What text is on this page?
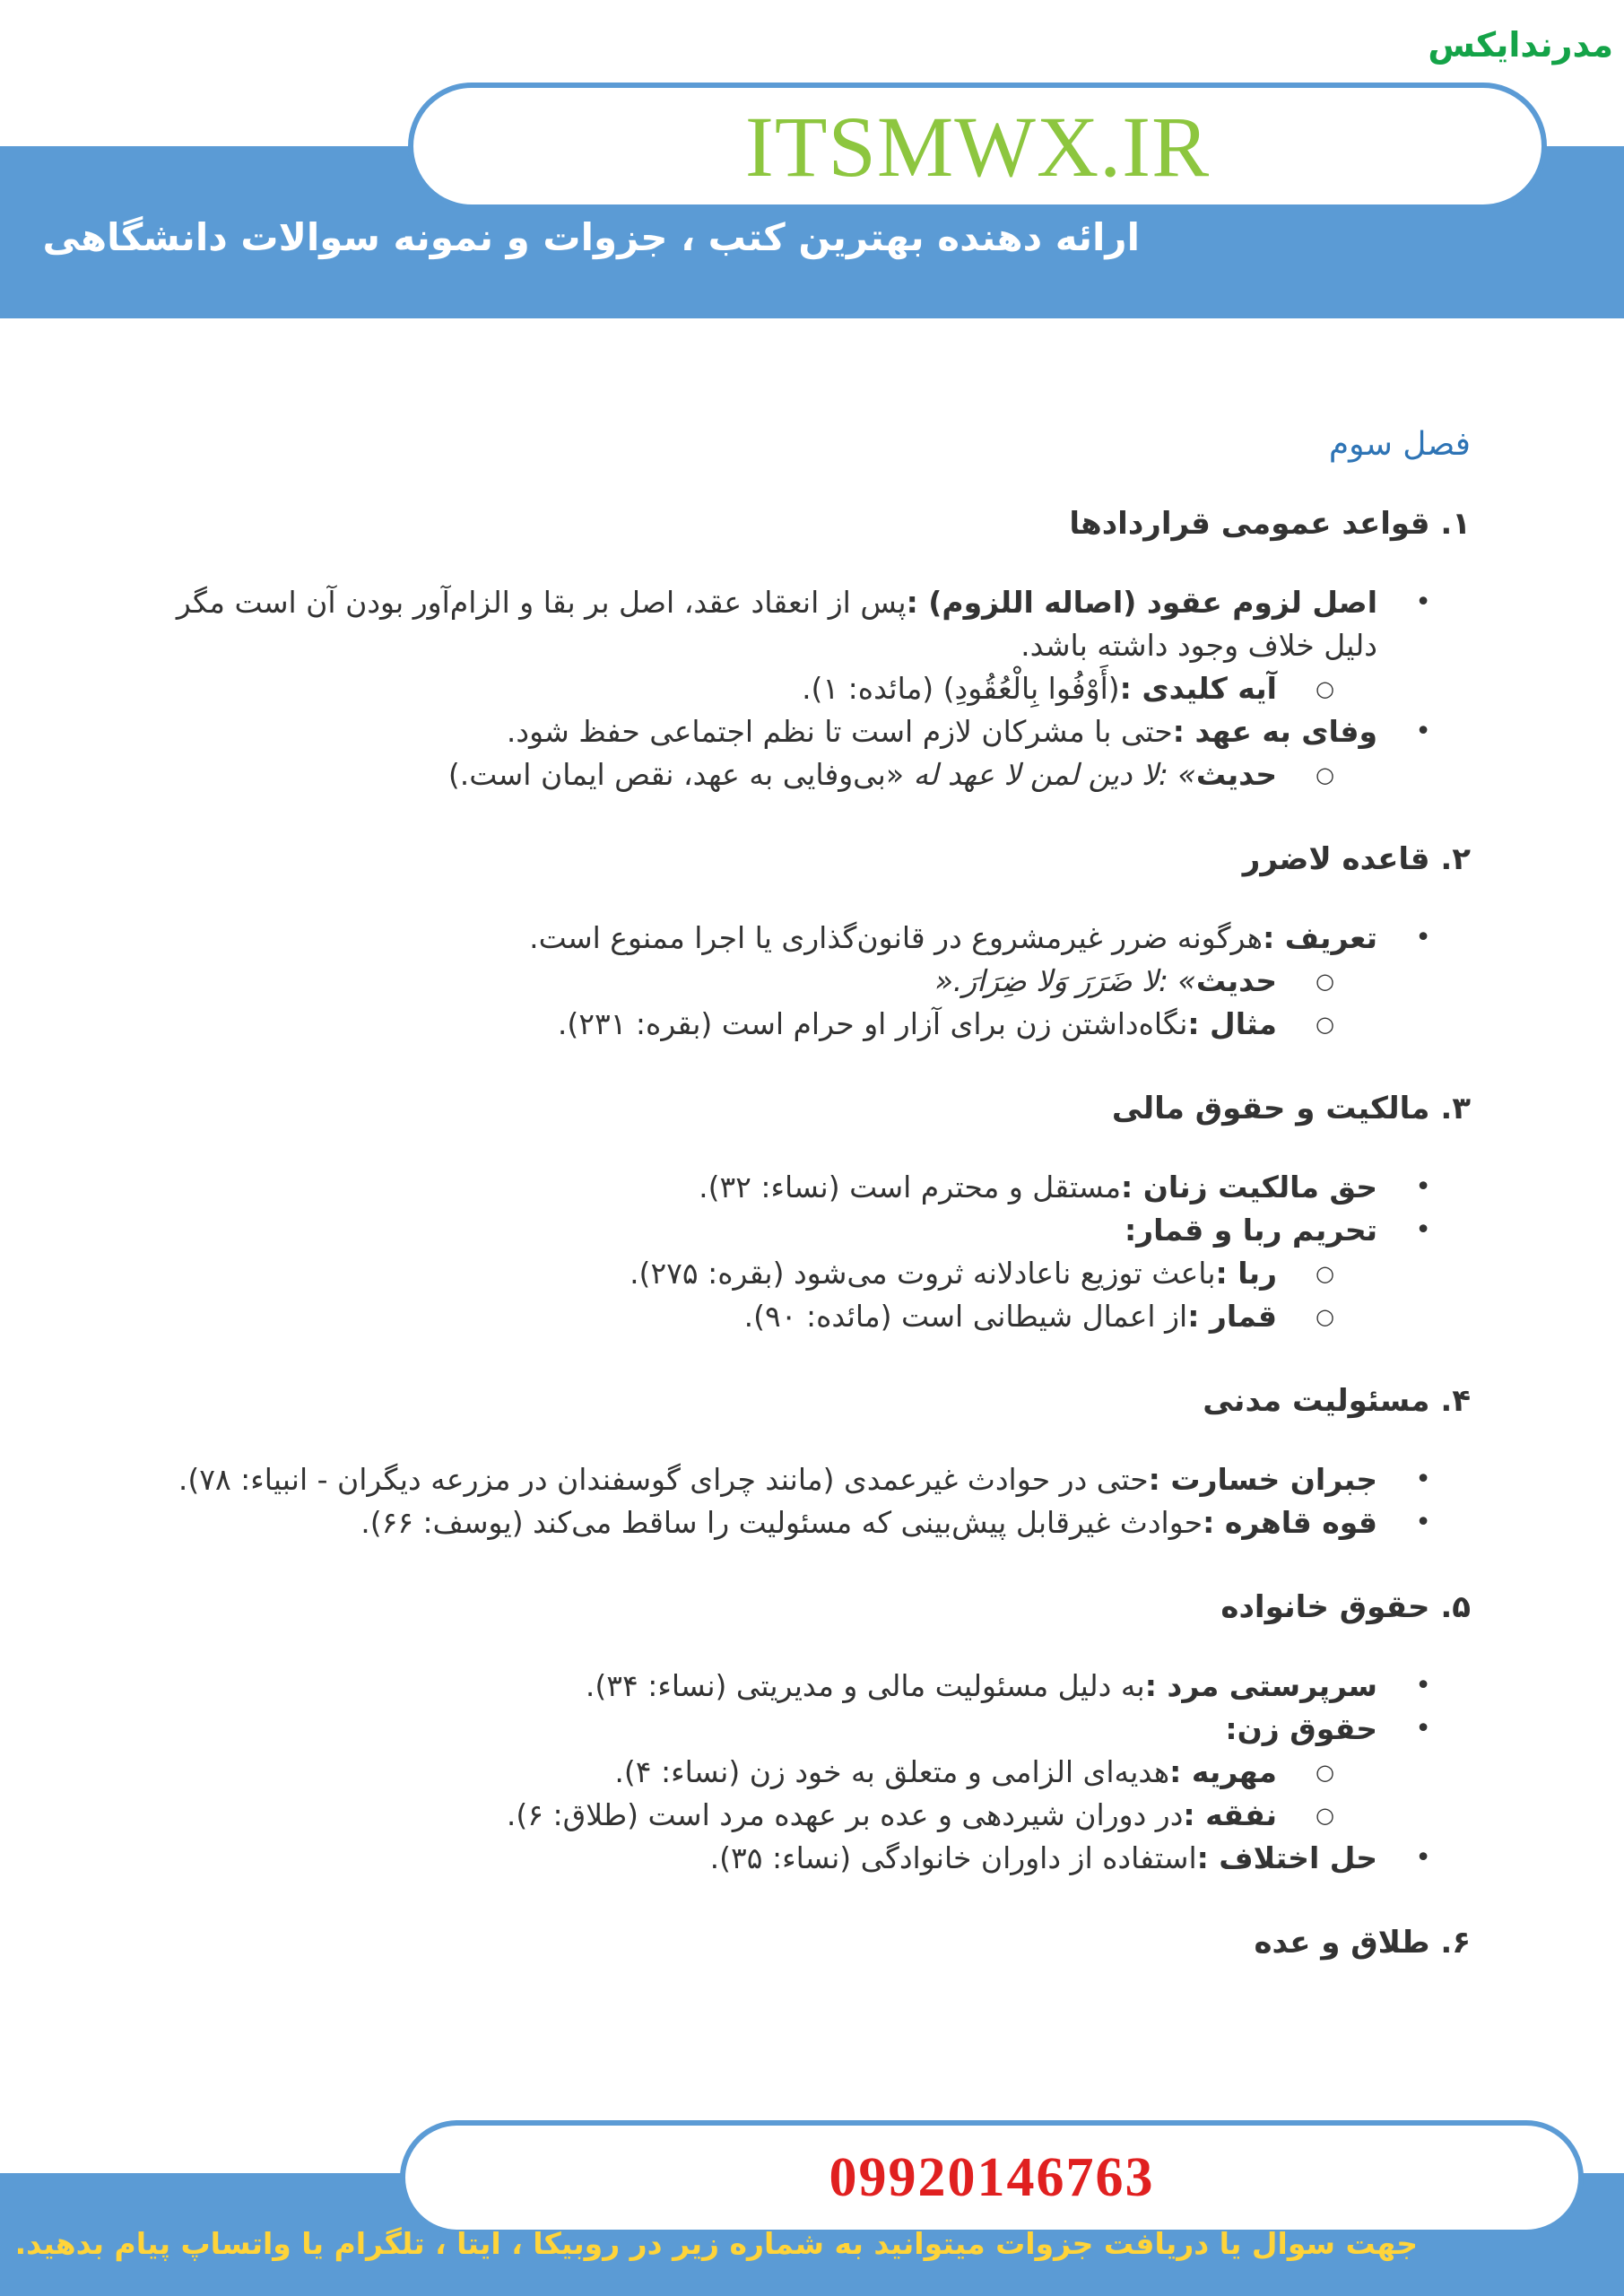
مدرندایکس
ITSMWX.IR
ارائه دهنده بهترین کتب ، جزوات و نمونه سوالات دانشگاهی
فصل سوم
۱. قواعد عمومی قراردادها
• اصل لزوم عقود (اصاله اللزوم) :پس از انعقاد عقد، اصل بر بقا و الزام‌آور بودن آن است مگر دلیل خلاف وجود داشته باشد.
○ آیه کلیدی :(أَوْفُوا بِالْعُقُودِ) (مائده: ۱).
• وفای به عهد :حتی با مشرکان لازم است تا نظم اجتماعی حفظ شود.
○ حدیث» :لا دین لمن لا عهد له «بی‌وفایی به عهد، نقص ایمان است.)
۲. قاعده لاضرر
• تعریف :هرگونه ضرر غیرمشروع در قانون‌گذاری یا اجرا ممنوع است.
○ حدیث» :لا ضَرَرَ وَلا ضِرَارَ.«
○ مثال :نگاه‌داشتن زن برای آزار او حرام است (بقره: ۲۳۱).
۳. مالکیت و حقوق مالی
• حق مالکیت زنان :مستقل و محترم است (نساء: ۳۲).
• تحریم ربا و قمار:
○ ربا :باعث توزیع ناعادلانه ثروت می‌شود (بقره: ۲۷۵).
○ قمار :از اعمال شیطانی است (مائده: ۹۰).
۴. مسئولیت مدنی
• جبران خسارت :حتی در حوادث غیرعمدی (مانند چرای گوسفندان در مزرعه دیگران - انبیاء: ۷۸).
• قوه قاهره :حوادث غیرقابل پیش‌بینی که مسئولیت را ساقط می‌کند (یوسف: ۶۶).
۵. حقوق خانواده
• سرپرستی مرد :به دلیل مسئولیت مالی و مدیریتی (نساء: ۳۴).
• حقوق زن:
○ مهریه :هدیه‌ای الزامی و متعلق به خود زن (نساء: ۴).
○ نفقه :در دوران شیردهی و عده بر عهده مرد است (طلاق: ۶).
• حل اختلاف :استفاده از داوران خانوادگی (نساء: ۳۵).
۶. طلاق و عده
09920146763
جهت سوال یا دریافت جزوات میتوانید به شماره زیر در روبیکا ، ایتا ، تلگرام یا واتساپ پیام بدهید.
